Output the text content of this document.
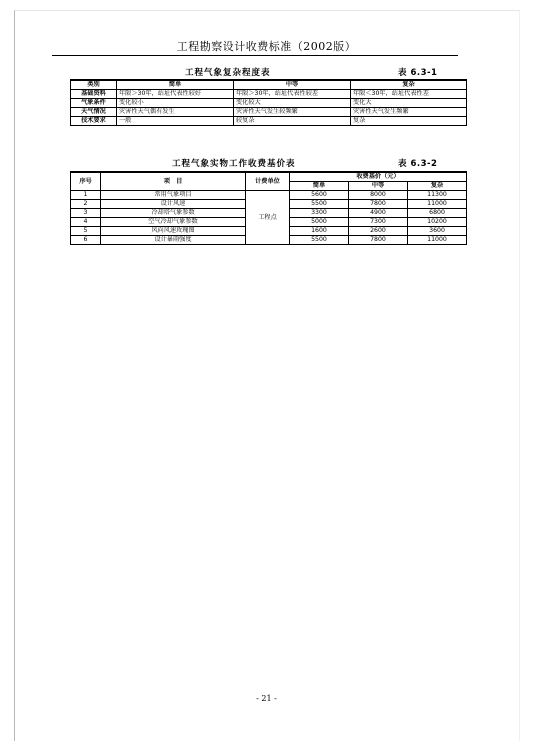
工程勘察设计收费标准（2002版）
工程气象复杂程度表	表 6.3-1
类别	简单	中等	复杂
基础资料	年限＞30年，站址代表性较好	年限＞30年，站址代表性较差	年限＜30年，站址代表性差
气象条件	变化较小	变化较大	变化大
天气情况	灾害性天气偶有发生	灾害性天气发生较频繁	灾害性天气发生频繁
技术要求	一般	较复杂	复杂
工程气象实物工作收费基价表	表 6.3-2
序号	项　目	计费单位	收费基价（元）		
			简单	中等	复杂
1	常用气象项目	工程点	5600	8000	11300
2	设计风速		5500	7800	11000
3	冷却塔气象参数		3300	4900	6800
4	空气冷却气象参数		5000	7300	10200
5	风向风速玫瑰图		1600	2600	3600
6	设计暴雨强度		5500	7800	11000
- 21 -
